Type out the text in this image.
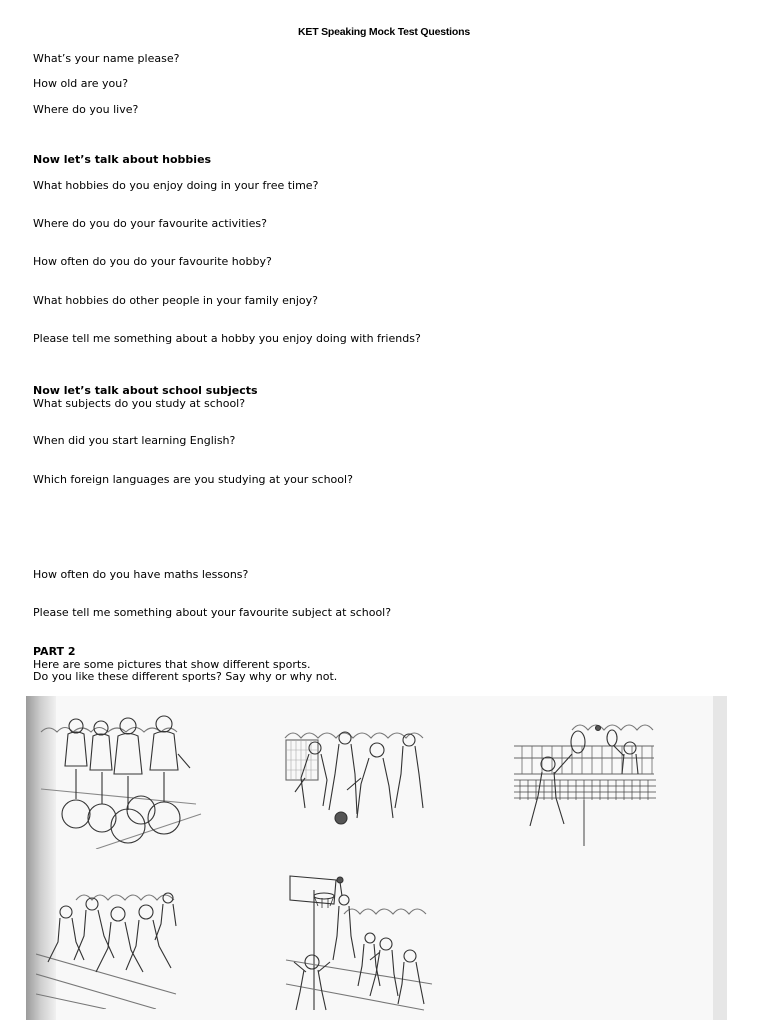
KET Speaking Mock Test Questions
What’s your name please?
How old are you?
Where do you live?
Now let’s talk about hobbies
What hobbies do you enjoy doing in your free time?
Where do you do your favourite activities?
How often do you do your favourite hobby?
What hobbies do other people in your family enjoy?
Please tell me something about a hobby you enjoy doing with friends?
Now let’s talk about school subjects
What subjects do you study at school?
When did you start learning English?
Which foreign languages are you studying at your school?
How often do you have maths lessons?
Please tell me something about your favourite subject at school?
PART 2
Here are some pictures that show different sports.
Do you like these different sports? Say why or why not.
